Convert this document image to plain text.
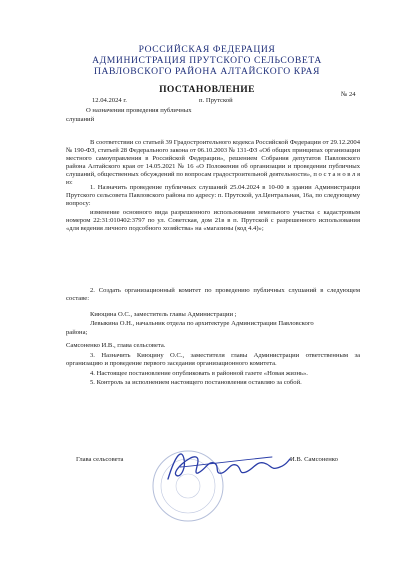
РОССИЙСКАЯ ФЕДЕРАЦИЯ
АДМИНИСТРАЦИЯ ПРУТСКОГО СЕЛЬСОВЕТА
ПАВЛОВСКОГО РАЙОНА АЛТАЙСКОГО КРАЯ
ПОСТАНОВЛЕНИЕ
12.04.2024 г.	п. Прутской
№ 24
О назначении проведения публичных
слушаний
В соответствии со статьей 39 Градостроительного кодекса Российской Федерации от 29.12.2004 № 190-ФЗ, статьей 28 Федерального закона от 06.10.2003 № 131-ФЗ «Об общих принципах организации местного самоуправления в Российской Федерации», решением Собрания депутатов Павловского района Алтайского края от 14.05.2021 № 16 «О Положении об организации и проведении публичных слушаний, общественных обсуждений по вопросам градостроительной деятельности», п о с т а н о в л я ю:
1. Назначить проведение публичных слушаний 25.04.2024 в 10-00 в здании Администрации Прутского сельсовета Павловского района по адресу: п. Прутской, ул.Центральная, 16а, по следующему вопросу:
изменение основного вида разрешенного использования земельного участка с кадастровым номером 22:31:010402:3797 по ул. Советская, дом 21в в п. Прутской с разрешенного использования «для ведения личного подсобного хозяйства» на «магазины (код 4.4)»;
2. Создать организационный комитет по проведению публичных слушаний в следующем составе:
Киюцина О.С., заместитель главы Администрации ;
Левыкина О.Н., начальник отдела по архитектуре Администрации Павловского
района;
Самсоненко И.В., глава сельсовета.
3. Назначить Киюцину О.С., заместителя главы Администрации ответственным за организацию и проведение первого заседания организационного комитета.
4. Настоящее постановление опубликовать в районной газете «Новая жизнь».
5. Контроль за исполнением настоящего постановления оставляю за собой.
Глава сельсовета	И.В. Самсоненко
